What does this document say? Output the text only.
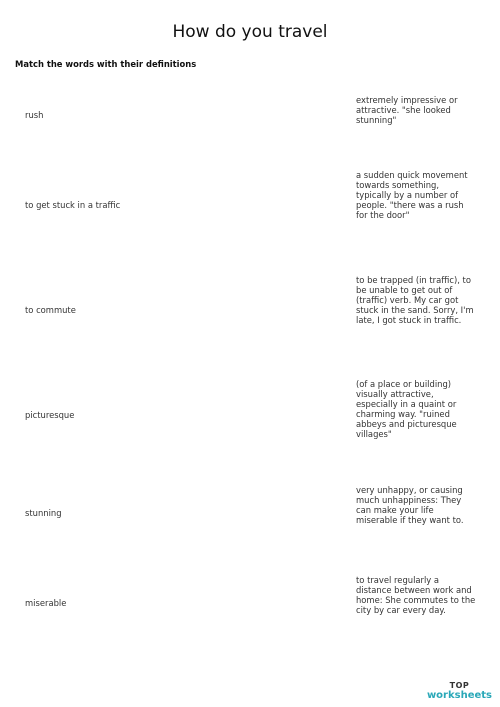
How do you travel
Match the words with their definitions
rush
to get stuck in a traffic
to commute
picturesque
stunning
miserable
extremely impressive or attractive. "she looked stunning"
a sudden quick movement towards something, typically by a number of people. "there was a rush for the door"
to be trapped (in traffic), to be unable to get out of (traffic) verb. My car got stuck in the sand. Sorry, I'm late, I got stuck in traffic.
(of a place or building) visually attractive, especially in a quaint or charming way. "ruined abbeys and picturesque villages"
very unhappy, or causing much unhappiness: They can make your life miserable if they want to.
to travel regularly a distance between work and home: She commutes to the city by car every day.
TOP
worksheets
